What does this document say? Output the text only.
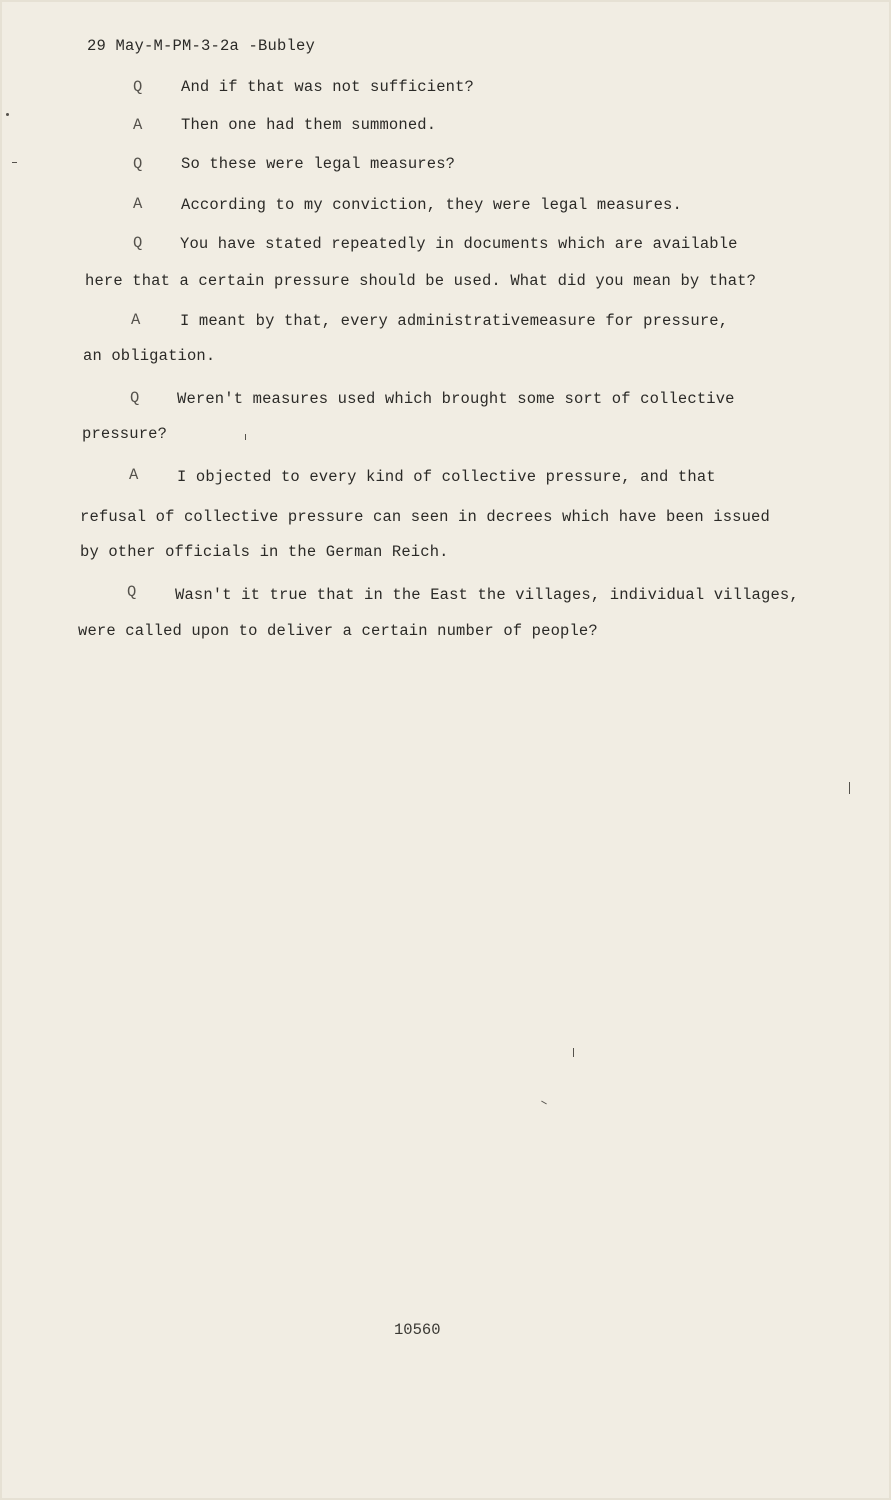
29 May-M-PM-3-2a -Bubley
Q And if that was not sufficient?
A Then one had them summoned.
Q So these were legal measures?
A According to my conviction, they were legal measures.
Q You have stated repeatedly in documents which are available
here that a certain pressure should be used. What did you mean by that?
A	I meant by that, every administrativemeasure for pressure,
an obligation.
Q Weren't measures used which brought some sort of collective
pressure?
A I objected to every kind of collective pressure, and that
refusal of collective pressure can seen in decrees which have been issued
by other officials in the German Reich.
Q Wasn't it true that in the East the villages, individual villages,
were called upon to deliver a certain number of people?
10560
